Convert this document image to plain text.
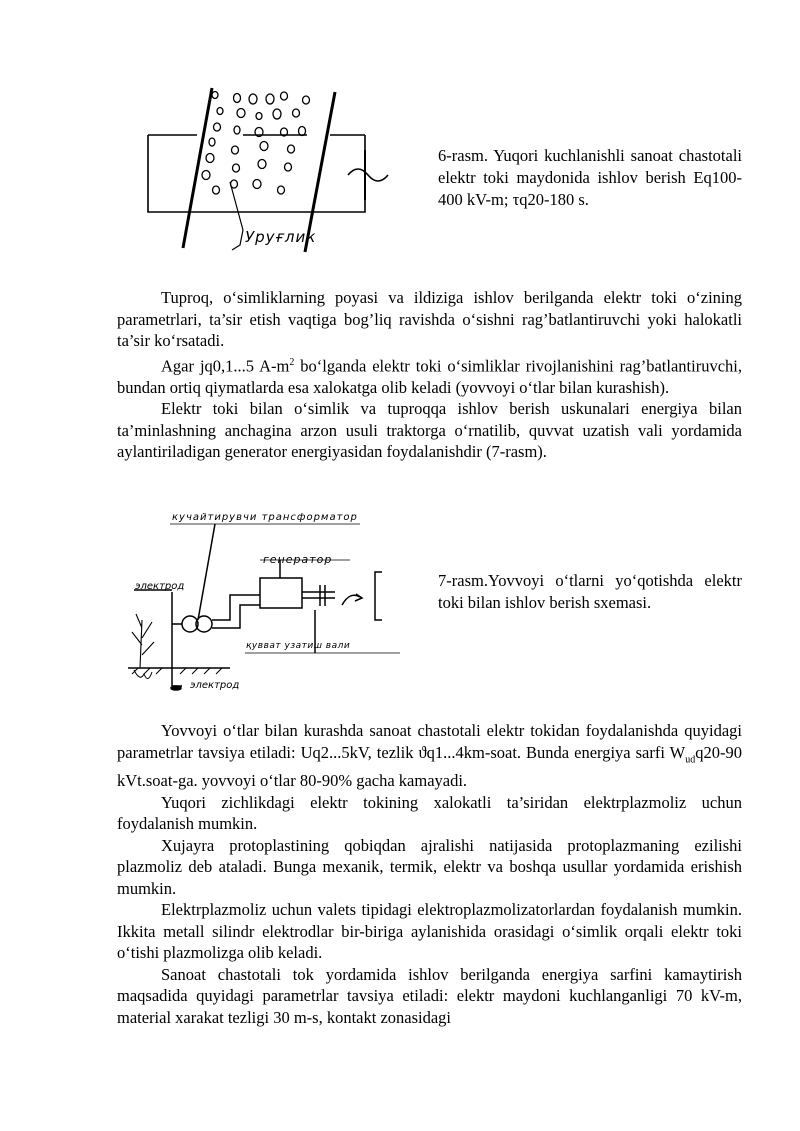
Уруғлик
6-rasm. Yuqori kuchlanishli sanoat chastotali elektr toki maydonida ishlov berish Eq100-400 kV-m; τq20-180 s.

Tuproq, o‘simliklarning poyasi va ildiziga ishlov berilganda elektr toki o‘zining parametrlari, ta’sir etish vaqtiga bog’liq ravishda o‘sishni rag’batlantiruvchi yoki halokatli ta’sir ko‘rsatadi.

Agar jq0,1...5 $A-m^2$ bo‘lganda elektr toki o‘simliklar rivojlanishini rag’batlantiruvchi, bundan ortiq qiymatlarda esa xalokatga olib keladi (yovvoyi o‘tlar bilan kurashish).

Elektr toki bilan o‘simlik va tuproqqa ishlov berish uskunalari energiya bilan ta’minlashning anchagina arzon usuli traktorga o‘rnatilib, quvvat uzatish vali yordamida aylantiriladigan generator energiyasidan foydalanishdir (7-rasm).

кучайтирувчи трансформатор
генератор
электрод
электрод
қувват узатиш вали
7-rasm.Yovvoyi o‘tlarni yo‘qotishda elektr toki bilan ishlov berish sxemasi.

Yovvoyi o‘tlar bilan kurashda sanoat chastotali elektr tokidan foydalanishda quyidagi parametrlar tavsiya etiladi: Uq2...5kV, tezlik ϑq1...4km-soat. Bunda energiya sarfi $W_{ud}q20-90$ kVt.soat-ga. yovvoyi o‘tlar 80-90% gacha kamayadi.

Yuqori zichlikdagi elektr tokining xalokatli ta’siridan elektrplazmoliz uchun foydalanish mumkin.

Xujayra protoplastining qobiqdan ajralishi natijasida protoplazmaning ezilishi plazmoliz deb ataladi. Bunga mexanik, termik, elektr va boshqa usullar yordamida erishish mumkin.

Elektrplazmoliz uchun valets tipidagi elektroplazmolizatorlardan foydalanish mumkin. Ikkita metall silindr elektrodlar bir-biriga aylanishida orasidagi o‘simlik orqali elektr toki o‘tishi plazmolizga olib keladi.

Sanoat chastotali tok yordamida ishlov berilganda energiya sarfini kamaytirish maqsadida quyidagi parametrlar tavsiya etiladi: elektr maydoni kuchlanganligi 70 kV-m, material xarakat tezligi 30 m-s, kontakt zonasidagi
